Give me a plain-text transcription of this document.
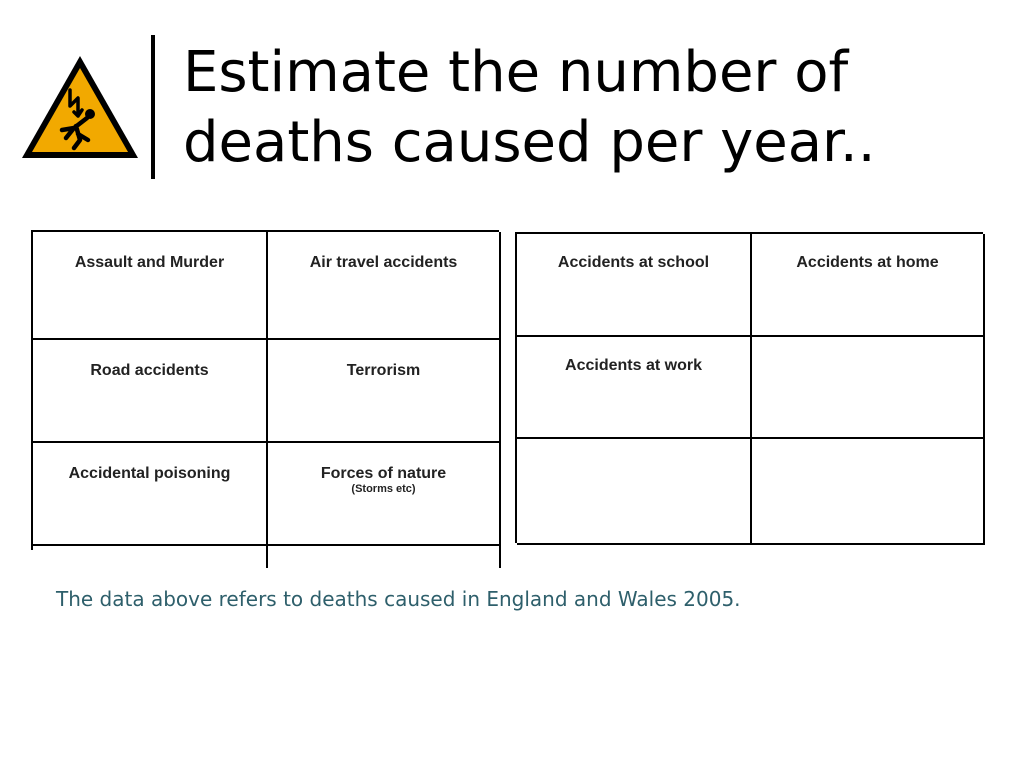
Estimate the number of
deaths caused per year..
Assault and Murder	Air travel accidents
Road accidents	Terrorism
Accidental poisoning	Forces of nature
(Storms etc)
Accidents at school	Accidents at home
Accidents at work

The data above refers to deaths caused in England and Wales 2005.
